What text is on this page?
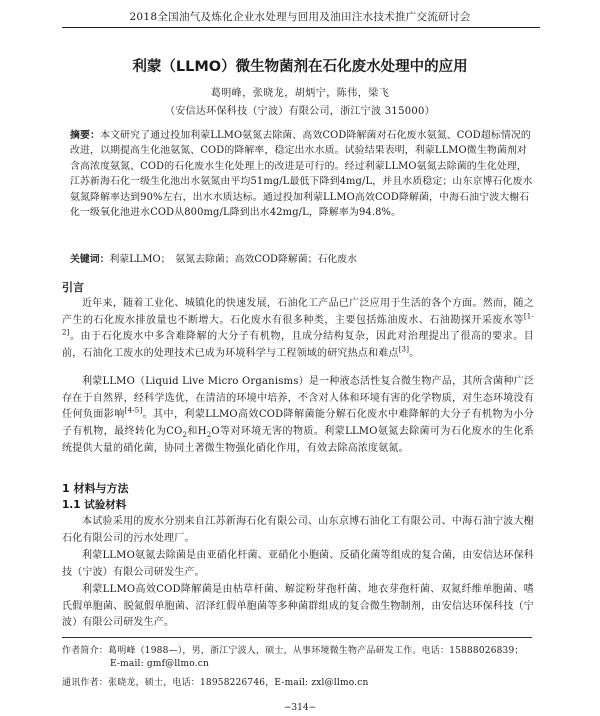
2018全国油气及炼化企业水处理与回用及油田注水技术推广交流研讨会
利蒙（LLMO）微生物菌剂在石化废水处理中的应用
葛明峰，张晓龙，胡炳宁，陈伟，梁飞
（安信达环保科技（宁波）有限公司，浙江宁波 315000）
摘要：本文研究了通过投加利蒙LLMO氨氮去除菌、高效COD降解菌对石化废水氨氮、COD超标情况的改进，以期提高生化池氨氮、COD的降解率，稳定出水水质。试验结果表明，利蒙LLMO微生物菌剂对含高浓度氨氮、COD的石化废水生化处理上的改进是可行的。经过利蒙LLMO氨氮去除菌的生化处理，江苏新海石化一级生化池出水氨氮由平均51mg/L最低下降到4mg/L，并且水质稳定；山东京博石化废水氨氮降解率达到90%左右，出水水质达标。通过投加利蒙LLMO高效COD降解菌，中海石油宁波大榭石化一级氧化池进水COD从800mg/L降到出水42mg/L，降解率为94.8%。
关键词：利蒙LLMO；　氨氮去除菌；高效COD降解菌；石化废水
引言
近年来，随着工业化、城镇化的快速发展，石油化工产品已广泛应用于生活的各个方面。然而，随之产生的石化废水排放量也不断增大。石化废水有很多种类，主要包括炼油废水、石油勘探开采废水等[1-2]。由于石化废水中多含难降解的大分子有机物，且成分结构复杂，因此对治理提出了很高的要求。目前，石油化工废水的处理技术已成为环境科学与工程领域的研究热点和难点[3]。
利蒙LLMO（Liquid Live Micro Organisms）是一种液态活性复合微生物产品，其所含菌种广泛存在于自然界，经科学选优，在清洁的环境中培养，不含对人体和环境有害的化学物质，对生态环境没有任何负面影响[4-5]。其中，利蒙LLMO高效COD降解菌能分解石化废水中难降解的大分子有机物为小分子有机物，最终转化为$CO_2$和$H_2O$等对环境无害的物质。利蒙LLMO氨氮去除菌可为石化废水的生化系统提供大量的硝化菌，协同土著微生物强化硝化作用，有效去除高浓度氨氮。
1 材料与方法
1.1 试验材料
本试验采用的废水分别来自江苏新海石化有限公司、山东京博石油化工有限公司、中海石油宁波大榭石化有限公司的污水处理厂。
利蒙LLMO氨氮去除菌是由亚硝化杆菌、亚硝化小胞菌、反硝化菌等组成的复合菌，由安信达环保科技（宁波）有限公司研发生产。
利蒙LLMO高效COD降解菌是由枯草杆菌、解淀粉芽孢杆菌、地衣芽孢杆菌、双氮纤维单胞菌、嗜氏假单胞菌、脱氮假单胞菌、沼泽红假单胞菌等多种菌群组成的复合微生物制剂，由安信达环保科技（宁波）有限公司研发生产。
作者简介：葛明峰（1988—），男，浙江宁波人，硕士，从事环境微生物产品研发工作。电话：15888026839；
E-mail: gmf@llmo.cn
通讯作者：张晓龙，硕士，电话：18958226746，E-mail: zxl@llmo.cn
−314−
